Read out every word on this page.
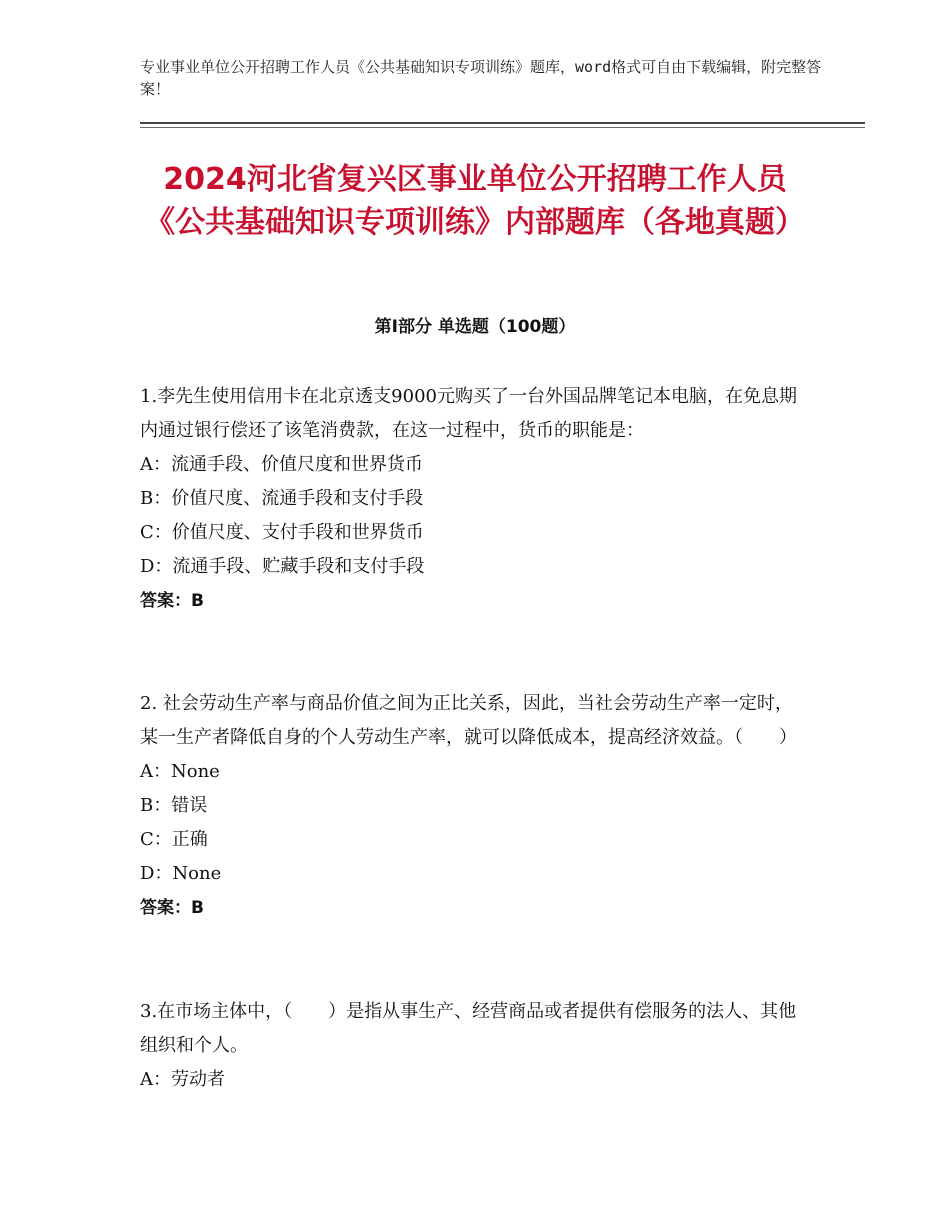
专业事业单位公开招聘工作人员《公共基础知识专项训练》题库，word格式可自由下载编辑，附完整答案！
2024河北省复兴区事业单位公开招聘工作人员《公共基础知识专项训练》内部题库（各地真题）
第Ⅰ部分 单选题（100题）

1.李先生使用信用卡在北京透支9000元购买了一台外国品牌笔记本电脑，在免息期内通过银行偿还了该笔消费款，在这一过程中，货币的职能是：

A：流通手段、价值尺度和世界货币

B：价值尺度、流通手段和支付手段

C：价值尺度、支付手段和世界货币

D：流通手段、贮藏手段和支付手段

答案：B

2. 社会劳动生产率与商品价值之间为正比关系，因此，当社会劳动生产率一定时，某一生产者降低自身的个人劳动生产率，就可以降低成本，提高经济效益。（　　）

A：None

B：错误

C：正确

D：None

答案：B

3.在市场主体中，（　　）是指从事生产、经营商品或者提供有偿服务的法人、其他组织和个人。

A：劳动者
